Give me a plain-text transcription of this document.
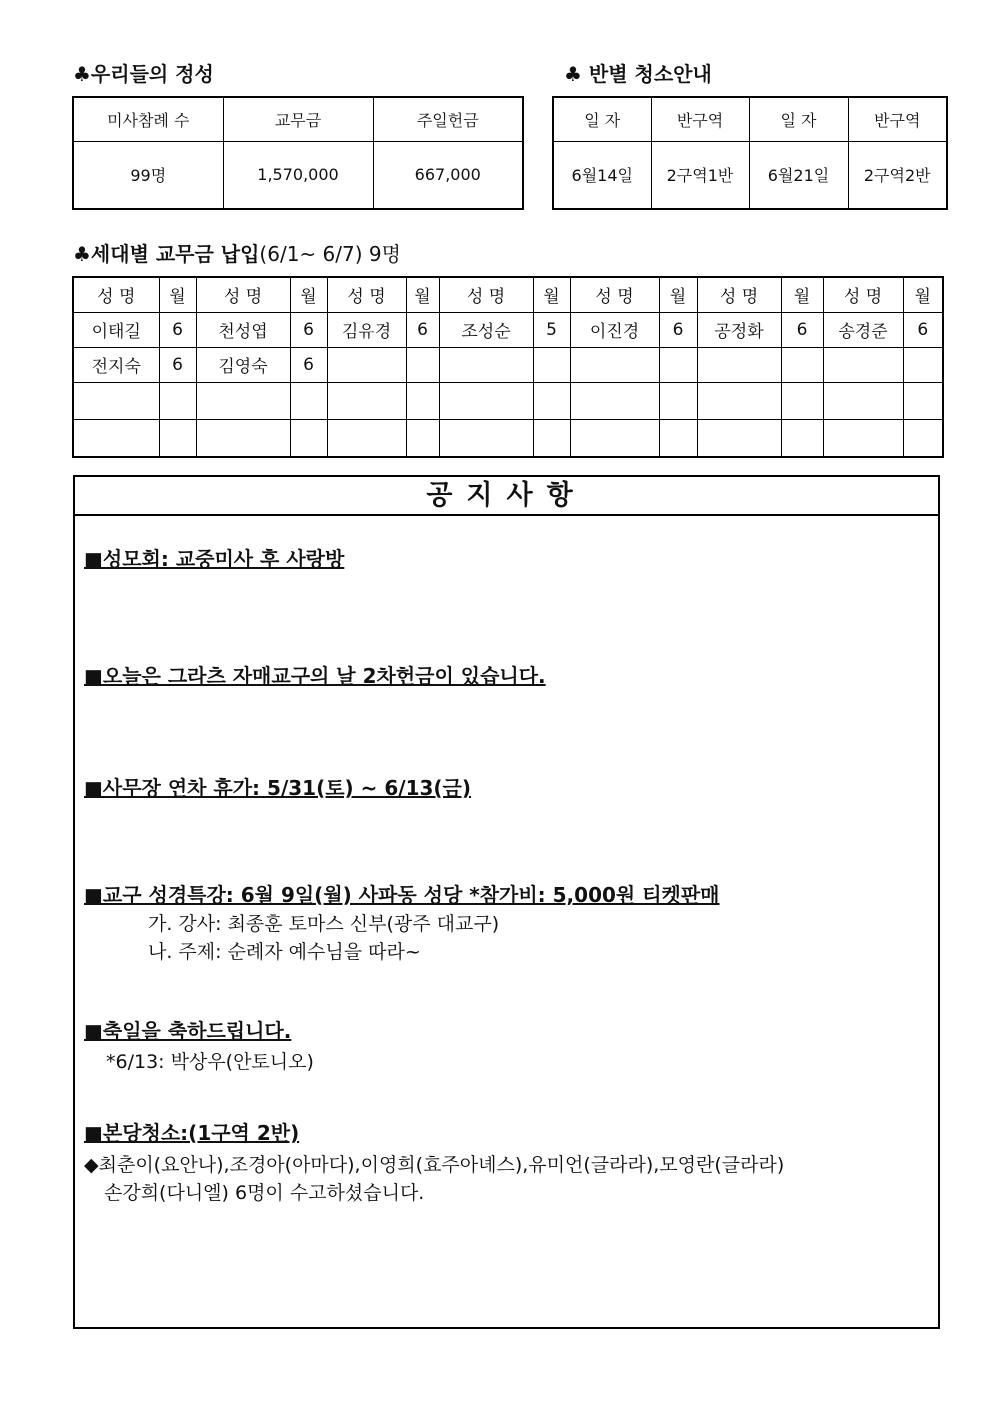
♣우리들의 정성	♣ 반별 청소안내
미사참례 수	교무금	주일헌금
99명	1,570,000	667,000
일 자	반구역	일 자	반구역
6월14일	2구역1반	6월21일	2구역2반
♣세대별 교무금 납입(6/1~ 6/7) 9명
성 명	월	성 명	월	성 명	월	성 명	월	성 명	월	성 명	월	성 명	월
이태길	6	천성엽	6	김유경	6	조성순	5	이진경	6	공정화	6	송경준	6
전지숙	6	김영숙	6										

공지사항
■성모회: 교중미사 후 사랑방
■오늘은 그라츠 자매교구의 날 2차헌금이 있습니다.
■사무장 연차 휴가: 5/31(토) ~ 6/13(금)
■교구 성경특강: 6월 9일(월) 사파동 성당 *참가비: 5,000원 티켓판매
가. 강사: 최종훈 토마스 신부(광주 대교구)
나. 주제: 순례자 예수님을 따라~
■축일을 축하드립니다.
*6/13: 박상우(안토니오)
■본당청소:(1구역 2반)
◆최춘이(요안나),조경아(아마다),이영희(효주아녜스),유미언(글라라),모영란(글라라)
손강희(다니엘) 6명이 수고하셨습니다.
